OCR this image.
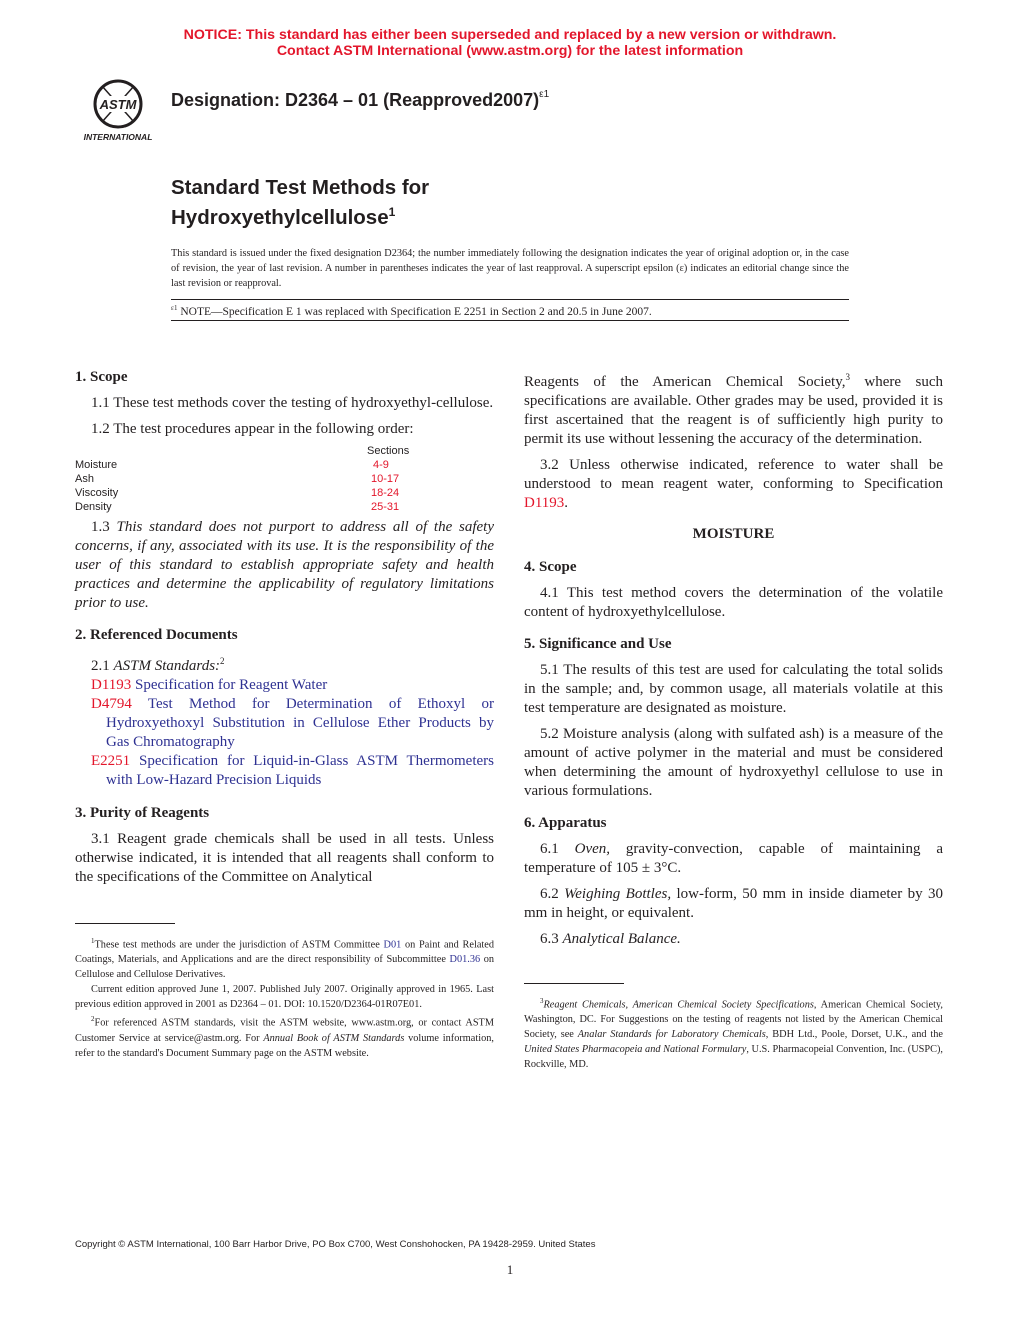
NOTICE: This standard has either been superseded and replaced by a new version or withdrawn.
Contact ASTM International (www.astm.org) for the latest information
ASTM
INTERNATIONAL
Designation: D2364 – 01 (Reapproved2007)$^{\varepsilon 1}$
Standard Test Methods for
Hydroxyethylcellulose$^1$
This standard is issued under the fixed designation D2364; the number immediately following the designation indicates the year of original adoption or, in the case of revision, the year of last revision. A number in parentheses indicates the year of last reapproval. A superscript epsilon (ε) indicates an editorial change since the last revision or reapproval.
$^{\varepsilon 1}$ NOTE—Specification E 1 was replaced with Specification E 2251 in Section 2 and 20.5 in June 2007.
1. Scope

1.1 These test methods cover the testing of hydroxyethyl-cellulose.

1.2 The test procedures appear in the following order:

Sections
Moisture	4-9
Ash	10-17
Viscosity	18-24
Density	25-31

1.3 This standard does not purport to address all of the safety concerns, if any, associated with its use. It is the responsibility of the user of this standard to establish appropriate safety and health practices and determine the applicability of regulatory limitations prior to use.

2. Referenced Documents

2.1 ASTM Standards:$^2$

D1193 Specification for Reagent Water

D4794 Test Method for Determination of Ethoxyl or Hydroxyethoxyl Substitution in Cellulose Ether Products by Gas Chromatography

E2251 Specification for Liquid-in-Glass ASTM Thermometers with Low-Hazard Precision Liquids

3. Purity of Reagents

3.1 Reagent grade chemicals shall be used in all tests. Unless otherwise indicated, it is intended that all reagents shall conform to the specifications of the Committee on Analytical

$^1$These test methods are under the jurisdiction of ASTM Committee D01 on Paint and Related Coatings, Materials, and Applications and are the direct responsibility of Subcommittee D01.36 on Cellulose and Cellulose Derivatives.

Current edition approved June 1, 2007. Published July 2007. Originally approved in 1965. Last previous edition approved in 2001 as D2364 – 01. DOI: 10.1520/D2364-01R07E01.

$^2$For referenced ASTM standards, visit the ASTM website, www.astm.org, or contact ASTM Customer Service at service@astm.org. For Annual Book of ASTM Standards volume information, refer to the standard's Document Summary page on the ASTM website.

Reagents of the American Chemical Society,$^3$ where such specifications are available. Other grades may be used, provided it is first ascertained that the reagent is of sufficiently high purity to permit its use without lessening the accuracy of the determination.

3.2 Unless otherwise indicated, reference to water shall be understood to mean reagent water, conforming to Specification D1193.

MOISTURE
4. Scope

4.1 This test method covers the determination of the volatile content of hydroxyethylcellulose.

5. Significance and Use

5.1 The results of this test are used for calculating the total solids in the sample; and, by common usage, all materials volatile at this test temperature are designated as moisture.

5.2 Moisture analysis (along with sulfated ash) is a measure of the amount of active polymer in the material and must be considered when determining the amount of hydroxyethyl cellulose to use in various formulations.

6. Apparatus

6.1 Oven, gravity-convection, capable of maintaining a temperature of 105 ± 3°C.

6.2 Weighing Bottles, low-form, 50 mm in inside diameter by 30 mm in height, or equivalent.

6.3 Analytical Balance.

$^3$Reagent Chemicals, American Chemical Society Specifications, American Chemical Society, Washington, DC. For Suggestions on the testing of reagents not listed by the American Chemical Society, see Analar Standards for Laboratory Chemicals, BDH Ltd., Poole, Dorset, U.K., and the United States Pharmacopeia and National Formulary, U.S. Pharmacopeial Convention, Inc. (USPC), Rockville, MD.

Copyright © ASTM International, 100 Barr Harbor Drive, PO Box C700, West Conshohocken, PA 19428-2959. United States
1
